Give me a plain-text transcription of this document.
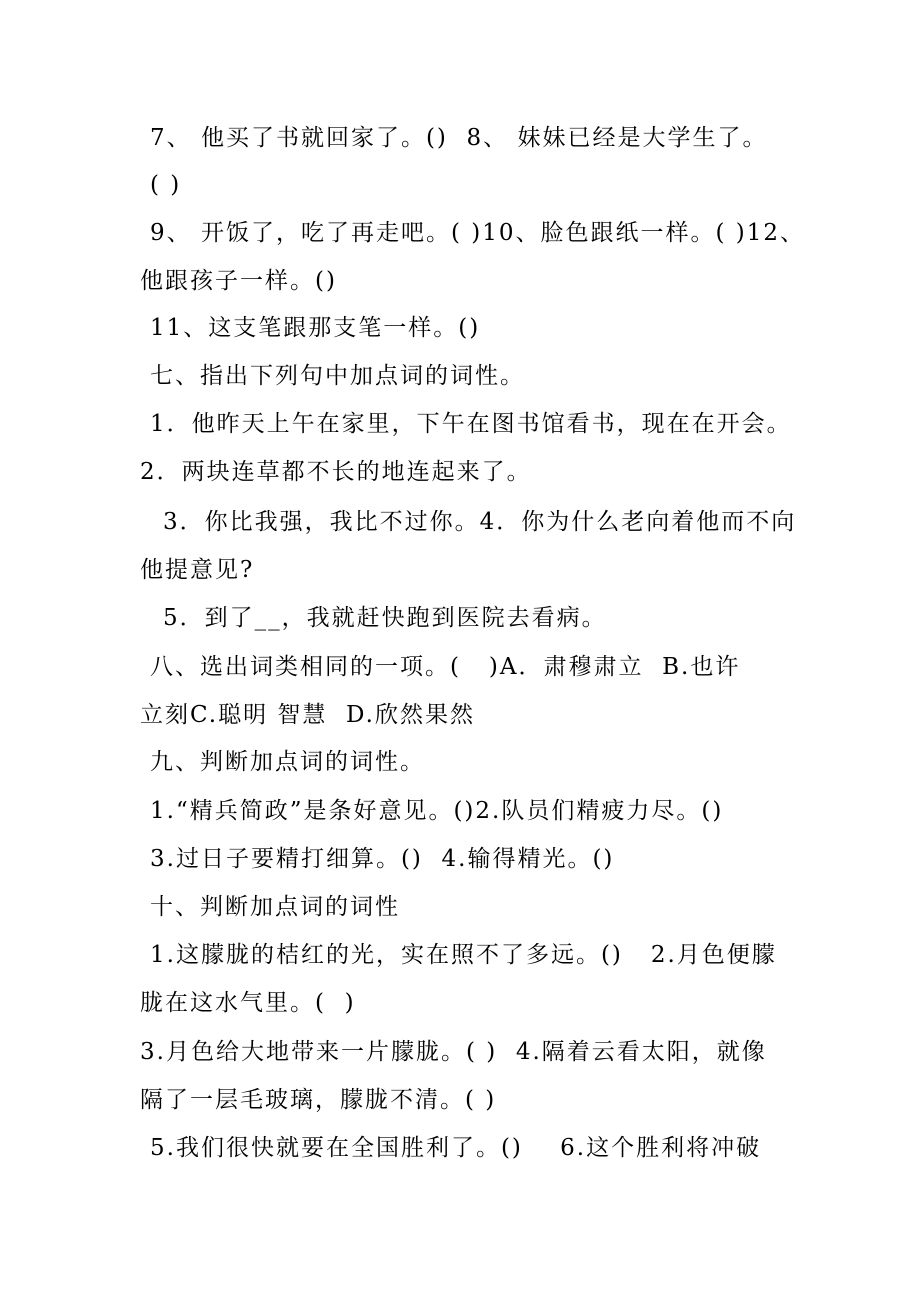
7、 他买了书就回家了。()  8、 妹妹已经是大学生了。
( )
9、 开饭了，吃了再走吧。( )10、脸色跟纸一样。( )12、
他跟孩子一样。()
11、这支笔跟那支笔一样。()
七、指出下列句中加点词的词性。
1．他昨天上午在家里，下午在图书馆看书，现在在开会。
2．两块连草都不长的地连起来了。
3．你比我强，我比不过你。4．你为什么老向着他而不向
他提意见?
5．到了__，我就赶快跑到医院去看病。
八、选出词类相同的一项。(   )A．肃穆肃立  B.也许
立刻C.聪明 智慧  D.欣然果然
九、判断加点词的词性。
1.“精兵简政”是条好意见。()2.队员们精疲力尽。()
3.过日子要精打细算。()  4.输得精光。()
十、判断加点词的词性
1.这朦胧的桔红的光，实在照不了多远。()   2.月色便朦
胧在这水气里。(  )
3.月色给大地带来一片朦胧。( )  4.隔着云看太阳，就像
隔了一层毛玻璃，朦胧不清。( )
5.我们很快就要在全国胜利了。()    6.这个胜利将冲破
